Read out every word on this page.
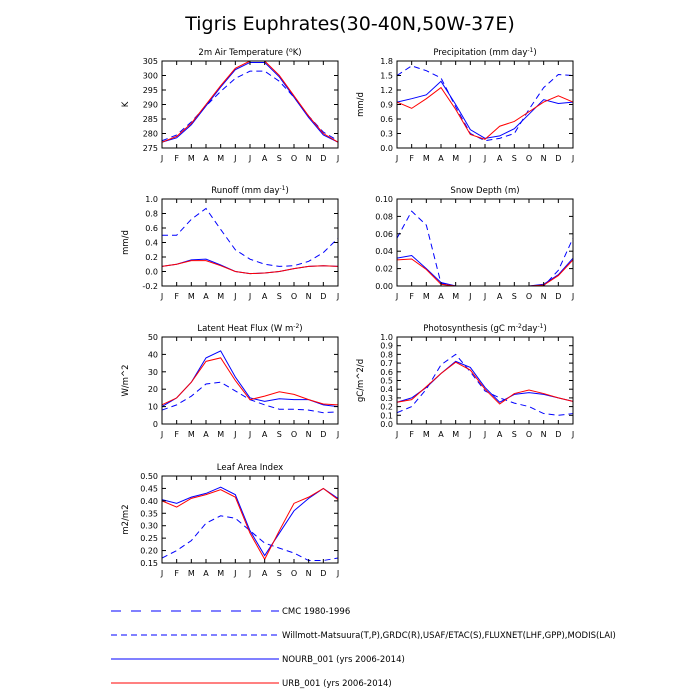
Tigris Euphrates(30-40N,50W-37E)
2m Air Temperature ($^o$K)
275
280
285
290
295
300
305
J F M A M J J A S O N D J
K
Precipitation (mm day$^{-1}$)
0.0
0.3
0.6
0.9
1.2
1.5
1.8
J F M A M J J A S O N D J
mm/d
Runoff (mm day$^{-1}$)
-0.2
0.0
0.2
0.4
0.6
0.8
1.0
J F M A M J J A S O N D J
mm/d
Snow Depth (m)
0.00
0.02
0.04
0.06
0.08
0.10
J F M A M J J A S O N D J
Latent Heat Flux (W $m^{-2}$)
0
10
20
30
40
50
J F M A M J J A S O N D J
W/m^2
Photosynthesis (gC $m^{-2}day^{-1}$)
0.0
0.1
0.2
0.3
0.4
0.5
0.6
0.7
0.8
0.9
1.0
J F M A M J J A S O N D J
gC/m^2/d
Leaf Area Index
0.15
0.20
0.25
0.30
0.35
0.40
0.45
0.50
J F M A M J J A S O N D J
m2/m2
CMC 1980-1996
Willmott-Matsuura(T,P),GRDC(R),USAF/ETAC(S),FLUXNET(LHF,GPP),MODIS(LAI)
NOURB_001 (yrs 2006-2014)
URB_001 (yrs 2006-2014)
